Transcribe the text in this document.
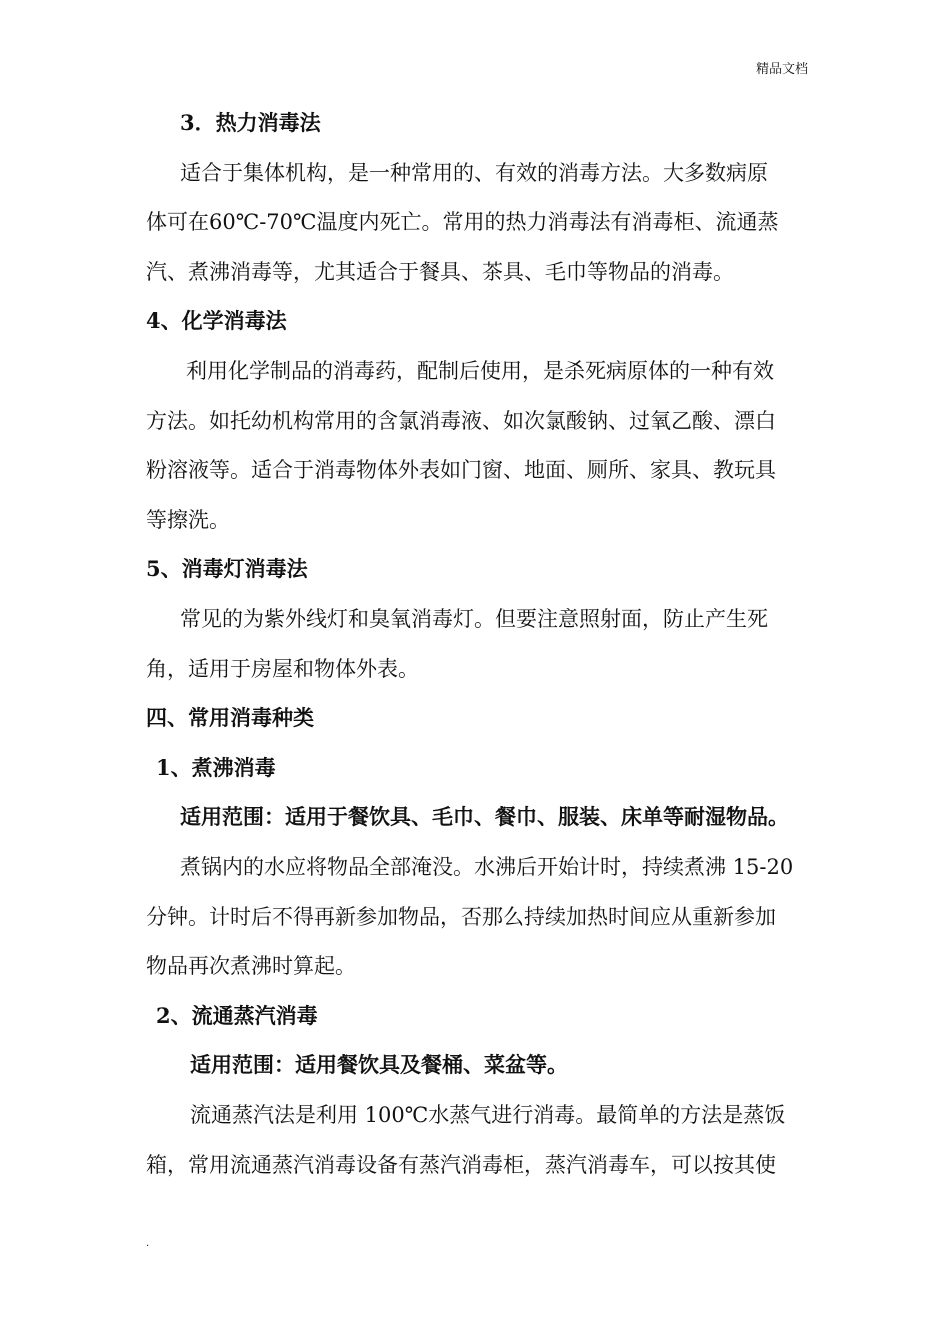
精品文档
3．热力消毒法
适合于集体机构，是一种常用的、有效的消毒方法。大多数病原
体可在60℃-70℃温度内死亡。常用的热力消毒法有消毒柜、流通蒸
汽、煮沸消毒等，尤其适合于餐具、茶具、毛巾等物品的消毒。
4、化学消毒法
利用化学制品的消毒药，配制后使用，是杀死病原体的一种有效
方法。如托幼机构常用的含氯消毒液、如次氯酸钠、过氧乙酸、漂白
粉溶液等。适合于消毒物体外表如门窗、地面、厕所、家具、教玩具
等擦洗。
5、消毒灯消毒法
常见的为紫外线灯和臭氧消毒灯。但要注意照射面，防止产生死
角，适用于房屋和物体外表。
四、常用消毒种类
1、煮沸消毒
适用范围：适用于餐饮具、毛巾、餐巾、服装、床单等耐湿物品。
煮锅内的水应将物品全部淹没。水沸后开始计时，持续煮沸 15-20
分钟。计时后不得再新参加物品，否那么持续加热时间应从重新参加
物品再次煮沸时算起。
2、流通蒸汽消毒
适用范围：适用餐饮具及餐桶、菜盆等。
流通蒸汽法是利用 100℃水蒸气进行消毒。最简单的方法是蒸饭
箱，常用流通蒸汽消毒设备有蒸汽消毒柜，蒸汽消毒车，可以按其使
.
